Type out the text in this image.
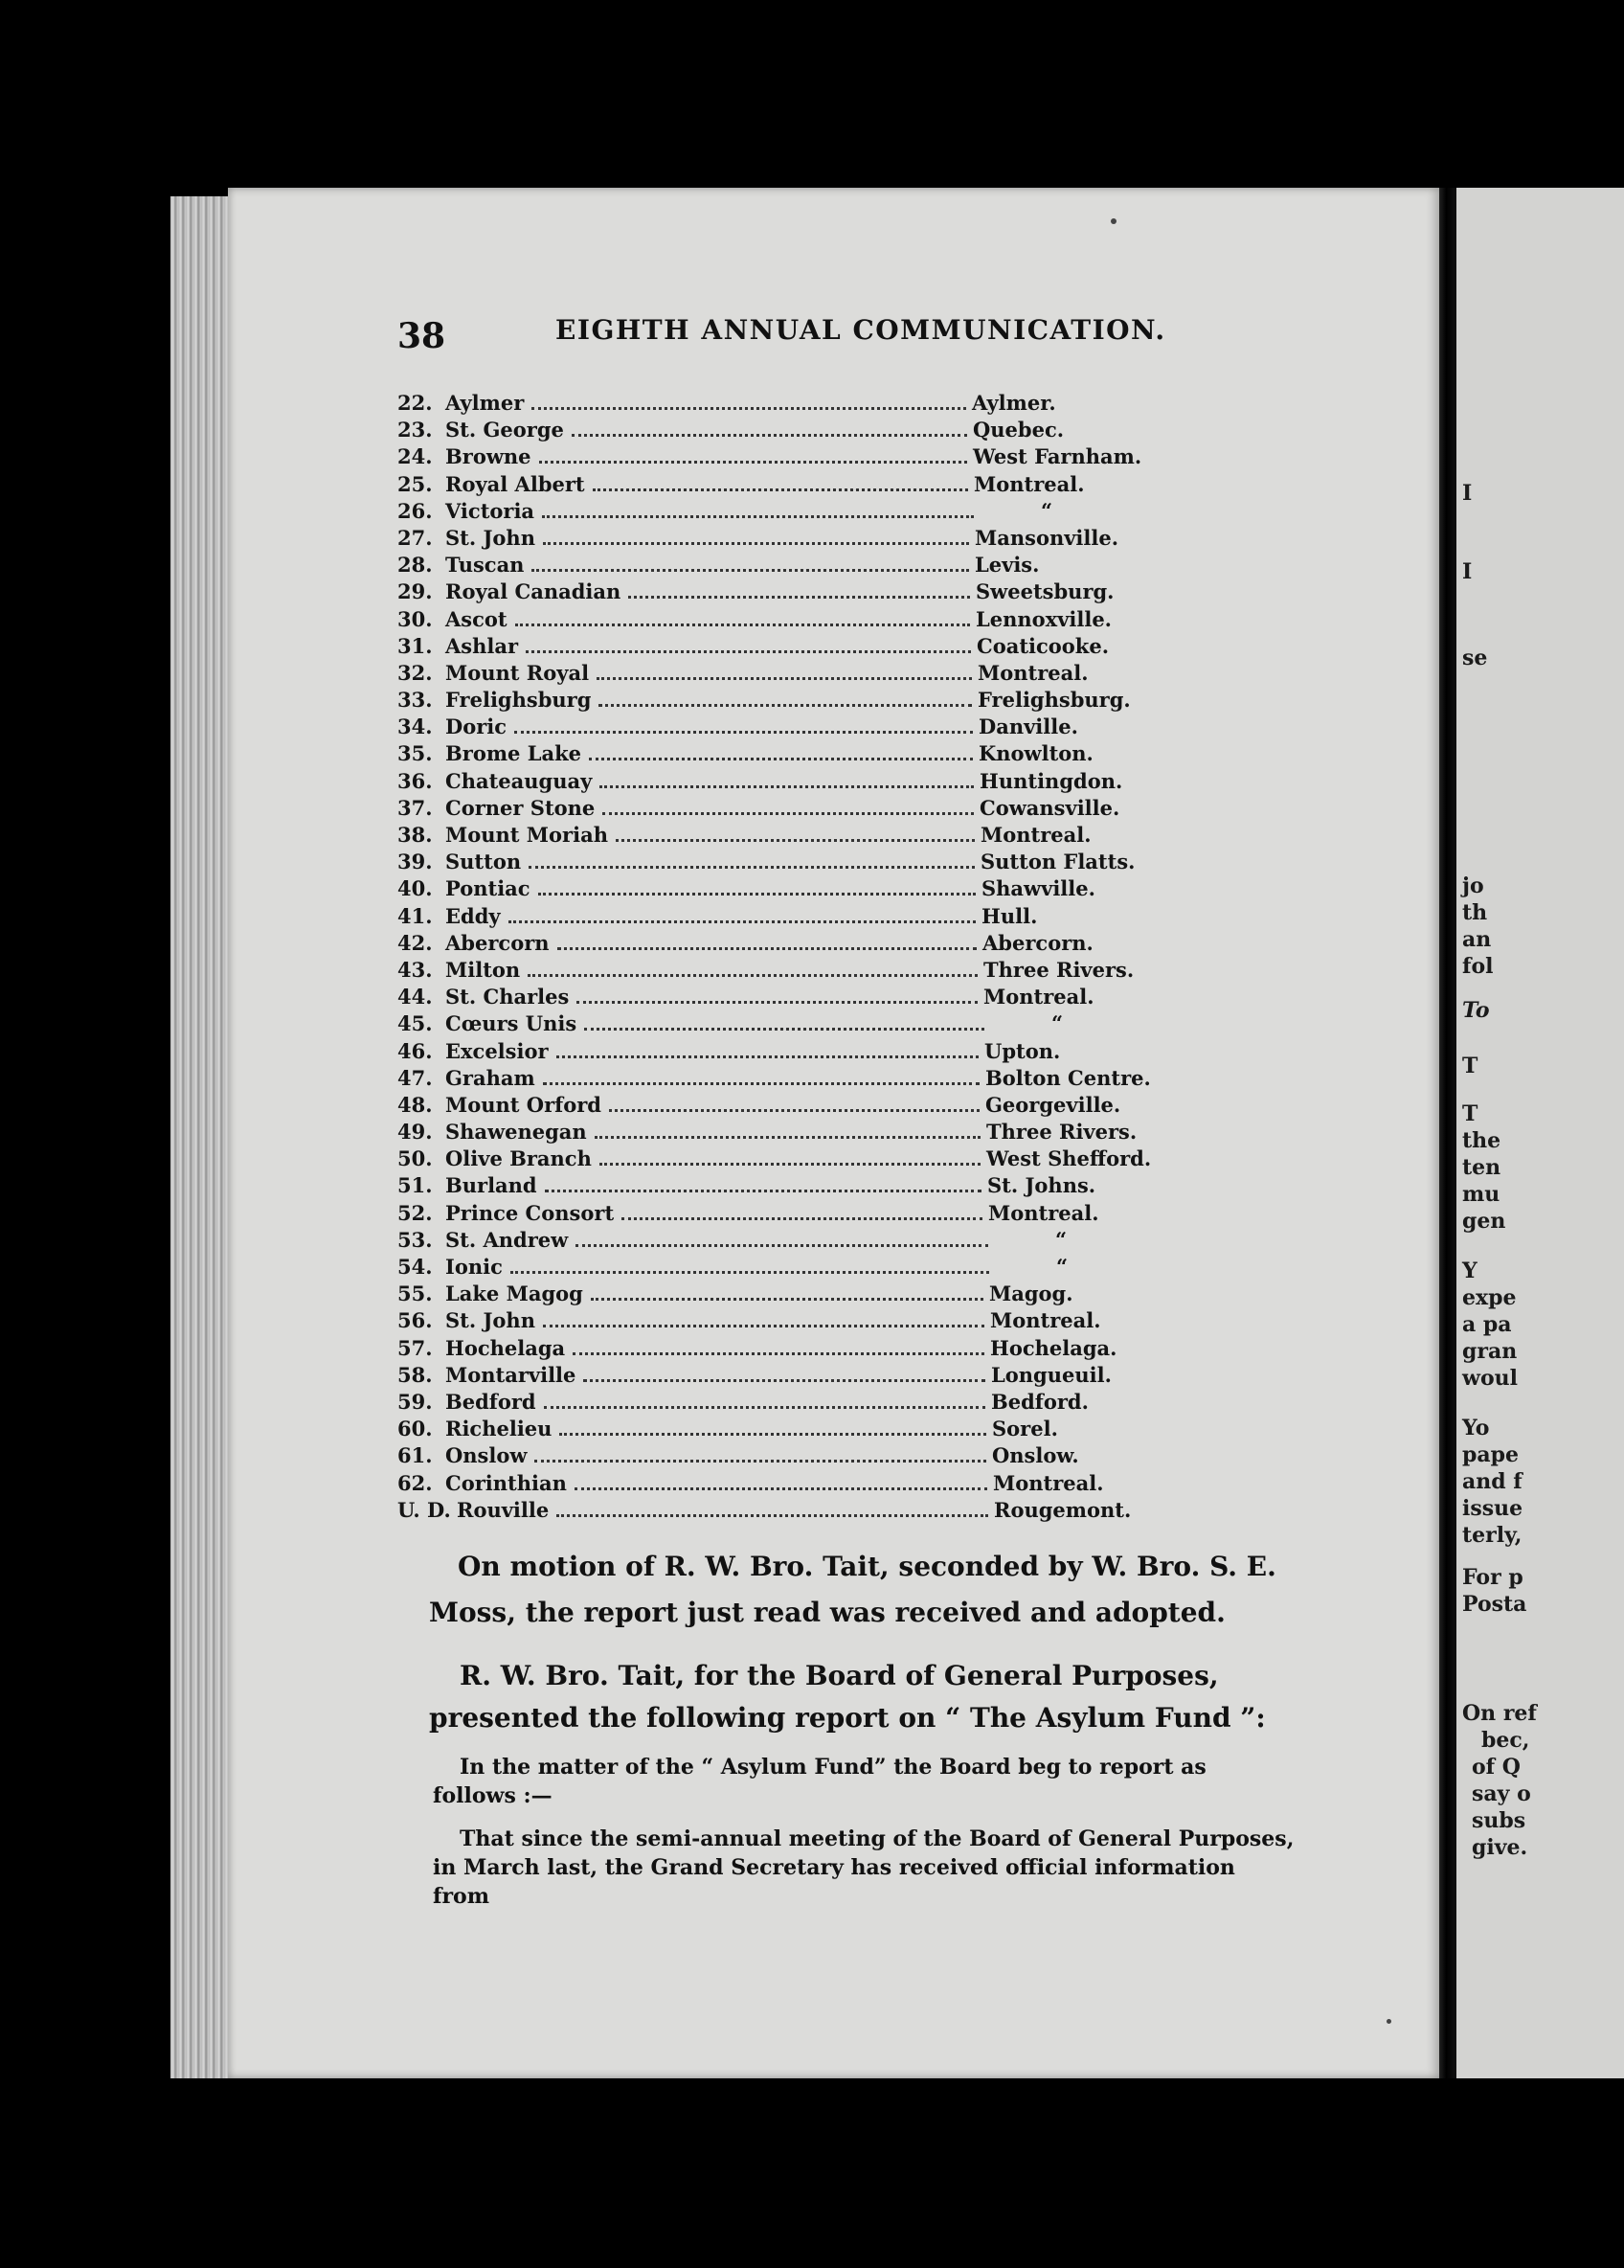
I
I
se
jo
th
an
fol
To
T
T
the
ten
mu
gen
Y
expe
a pa
gran
woul
Yo
pape
and f
issue
terly,
For p
Posta
On ref
bec,
of Q
say o
subs
give.
38	EIGHTH ANNUAL COMMUNICATION.
22. Aylmer	Aylmer.
23. St. George	Quebec.
24. Browne	West Farnham.
25. Royal Albert	Montreal.
26. Victoria	“
27. St. John	Mansonville.
28. Tuscan	Levis.
29. Royal Canadian	Sweetsburg.
30. Ascot	Lennoxville.
31. Ashlar	Coaticooke.
32. Mount Royal	Montreal.
33. Frelighsburg	Frelighsburg.
34. Doric	Danville.
35. Brome Lake	Knowlton.
36. Chateauguay	Huntingdon.
37. Corner Stone	Cowansville.
38. Mount Moriah	Montreal.
39. Sutton	Sutton Flatts.
40. Pontiac	Shawville.
41. Eddy	Hull.
42. Abercorn	Abercorn.
43. Milton	Three Rivers.
44. St. Charles	Montreal.
45. Cœurs Unis	“
46. Excelsior	Upton.
47. Graham	Bolton Centre.
48. Mount Orford	Georgeville.
49. Shawenegan	Three Rivers.
50. Olive Branch	West Shefford.
51. Burland	St. Johns.
52. Prince Consort	Montreal.
53. St. Andrew	“
54. Ionic	“
55. Lake Magog	Magog.
56. St. John	Montreal.
57. Hochelaga	Hochelaga.
58. Montarville	Longueuil.
59. Bedford	Bedford.
60. Richelieu	Sorel.
61. Onslow	Onslow.
62. Corinthian	Montreal.
U. D. Rouville	Rougemont.
On motion of R. W. Bro. Tait, seconded by W. Bro. S. E. Moss, the report just read was received and adopted.
R. W. Bro. Tait, for the Board of General Purposes, presented the following report on “ The Asylum Fund ”:
In the matter of the “ Asylum Fund” the Board beg to report as follows :—
That since the semi-annual meeting of the Board of General Purposes, in March last, the Grand Secretary has received official information from
